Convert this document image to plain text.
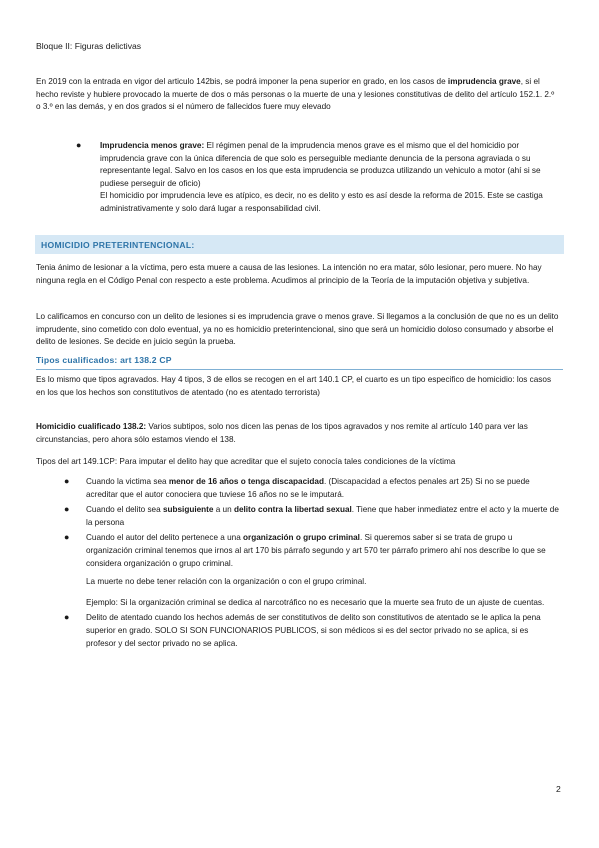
Bloque II: Figuras delictivas

En 2019 con la entrada en vigor del articulo 142bis, se podrá imponer la pena superior en grado, en los casos de imprudencia grave, si el hecho reviste y hubiere provocado la muerte de dos o más personas o la muerte de una y lesiones constitutivas de delito del artículo 152.1. 2.º o 3.º en las demás, y en dos grados si el número de fallecidos fuere muy elevado

● Imprudencia menos grave: El régimen penal de la imprudencia menos grave es el mismo que el del homicidio por imprudencia grave con la única diferencia de que solo es perseguible mediante denuncia de la persona agraviada o su representante legal. Salvo en los casos en los que esta imprudencia se produzca utilizando un vehiculo a motor (ahí si se pudiese perseguir de oficio)

El homicidio por imprudencia leve es atípico, es decir, no es delito y esto es así desde la reforma de 2015. Este se castiga administrativamente y solo dará lugar a responsabilidad civil.

HOMICIDIO PRETERINTENCIONAL:

Tenia ánimo de lesionar a la víctima, pero esta muere a causa de las lesiones. La intención no era matar, sólo lesionar, pero muere. No hay ninguna regla en el Código Penal con respecto a este problema. Acudimos al principio de la Teoría de la imputación objetiva y subjetiva.

Lo calificamos en concurso con un delito de lesiones si es imprudencia grave o menos grave. Si llegamos a la conclusión de que no es un delito imprudente, sino cometido con dolo eventual, ya no es homicidio preterintencional, sino que será un homicidio doloso consumado y absorbe el delito de lesiones. Se decide en juicio según la prueba.

Tipos cualificados: art 138.2 CP

Es lo mismo que tipos agravados. Hay 4 tipos, 3 de ellos se recogen en el art 140.1 CP, el cuarto es un tipo especifico de homicidio: los casos en los que los hechos son constitutivos de atentado (no es atentado terrorista)

Homicidio cualificado 138.2: Varios subtipos, solo nos dicen las penas de los tipos agravados y nos remite al artículo 140 para ver las circunstancias, pero ahora sólo estamos viendo el 138.

Tipos del art 149.1CP: Para imputar el delito hay que acreditar que el sujeto conocía tales condiciones de la víctima

● Cuando la victima sea menor de 16 años o tenga discapacidad. (Discapacidad a efectos penales art 25) Si no se puede acreditar que el autor conociera que tuviese 16 años no se le imputará.

● Cuando el delito sea subsiguiente a un delito contra la libertad sexual. Tiene que haber inmediatez entre el acto y la muerte de la persona

● Cuando el autor del delito pertenece a una organización o grupo criminal. Si queremos saber si se trata de grupo u organización criminal tenemos que irnos al art 170 bis párrafo segundo y art 570 ter párrafo primero ahí nos describe lo que se considera organización o grupo criminal.

La muerte no debe tener relación con la organización o con el grupo criminal.

Ejemplo: Si la organización criminal se dedica al narcotráfico no es necesario que la muerte sea fruto de un ajuste de cuentas.

● Delito de atentado cuando los hechos además de ser constitutivos de delito son constitutivos de atentado se le aplica la pena superior en grado. SOLO SI SON FUNCIONARIOS PUBLICOS, si son médicos si es del sector privado no se aplica, si es profesor y del sector privado no se aplica.

2
